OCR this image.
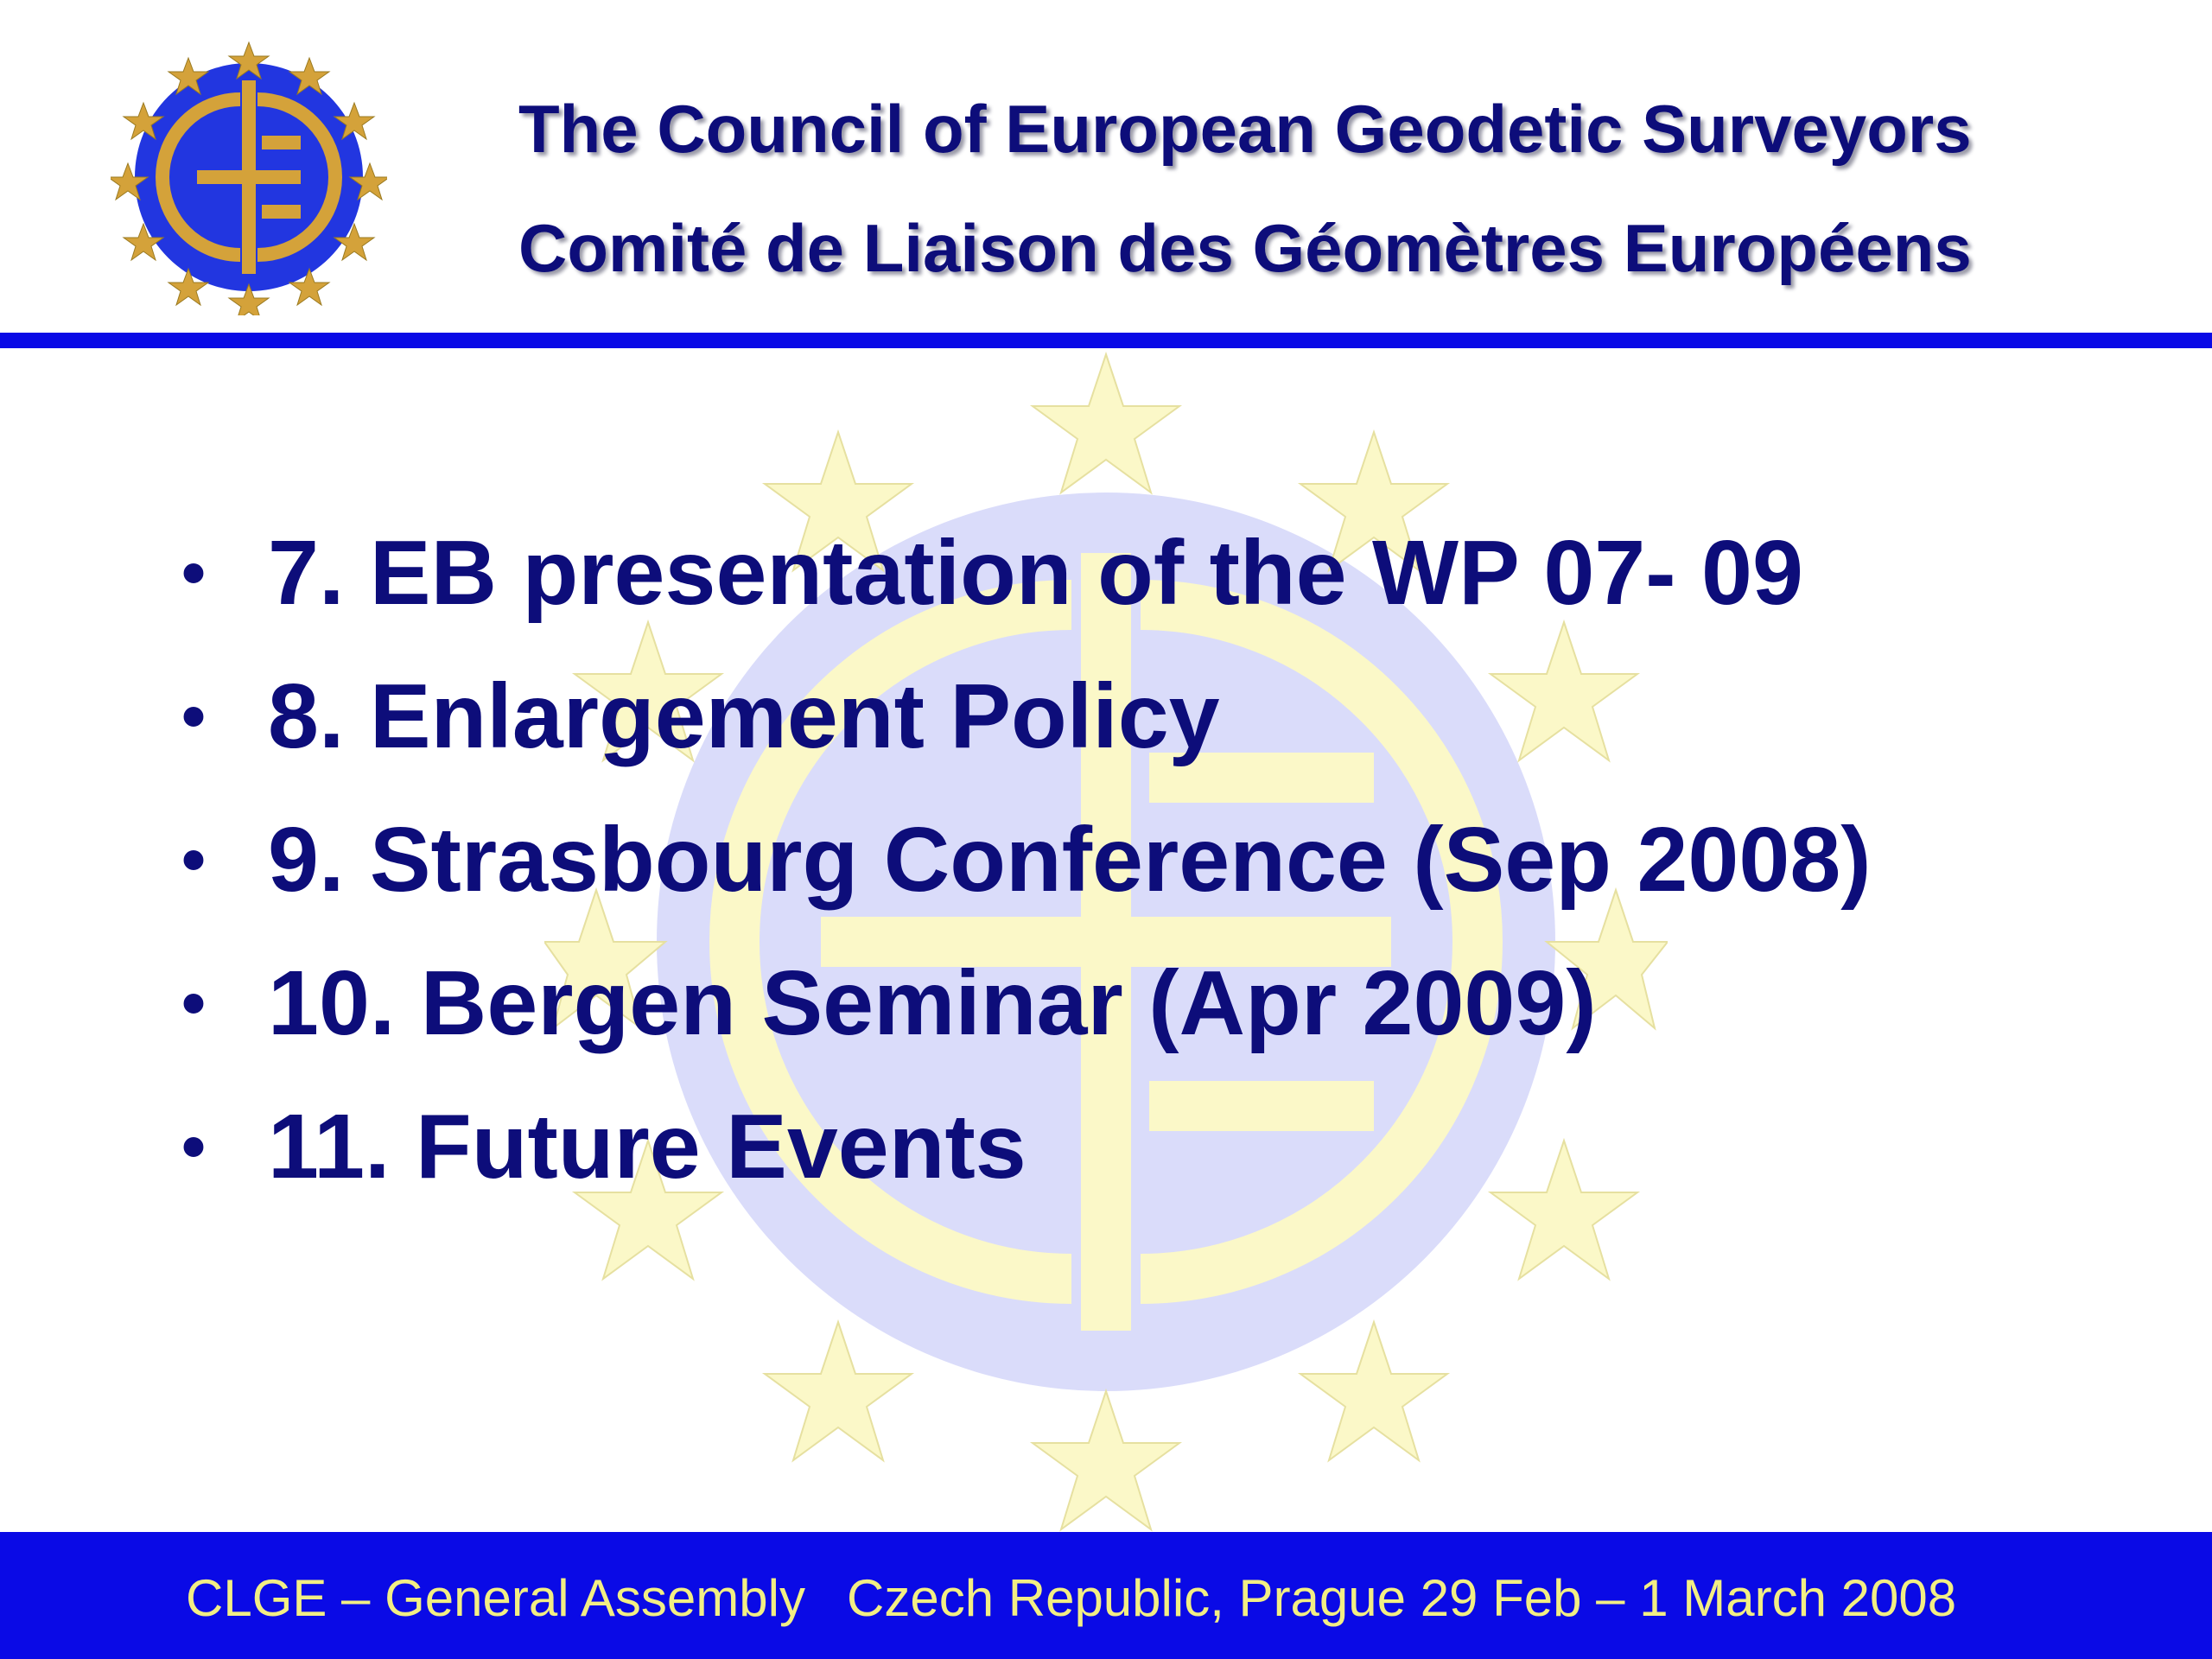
The Council of European Geodetic Surveyors
Comité de Liaison des Géomètres Européens
• 7. EB presentation of the WP 07- 09
• 8. Enlargement Policy
• 9. Strasbourg Conference (Sep 2008)
• 10. Bergen Seminar (Apr 2009)
• 11. Future Events
CLGE – General Assembly Czech Republic, Prague 29 Feb – 1 March 2008
